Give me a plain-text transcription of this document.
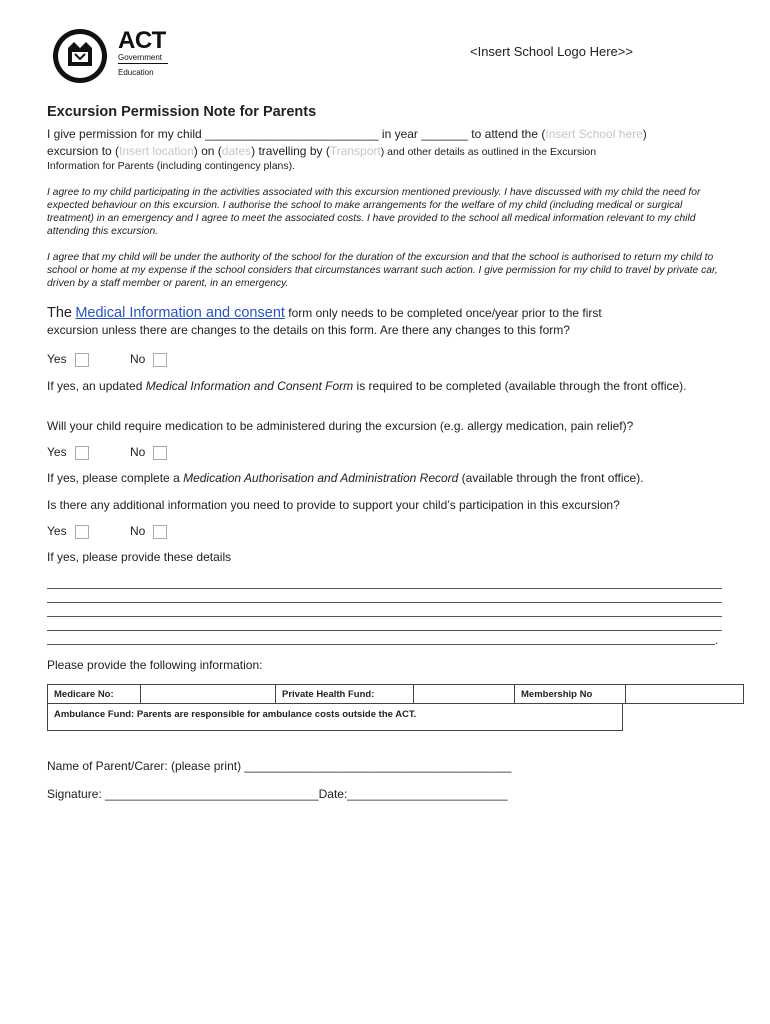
ACT
Government
Education
<Insert School Logo Here>>
Excursion Permission Note for Parents
I give permission for my child __________________________ in year _______ to attend the (Insert School here)
excursion to (Insert location) on (dates) travelling by (Transport) and other details as outlined in the Excursion
Information for Parents (including contingency plans).
I agree to my child participating in the activities associated with this excursion mentioned previously. I have discussed with my child the need for expected behaviour on this excursion. I authorise the school to make arrangements for the welfare of my child (including medical or surgical treatment) in an emergency and I agree to meet the associated costs. I have provided to the school all medical information relevant to my child attending this excursion.
I agree that my child will be under the authority of the school for the duration of the excursion and that the school is authorised to return my child to school or home at my expense if the school considers that circumstances warrant such action. I give permission for my child to travel by private car, driven by a staff member or parent, in an emergency.
The Medical Information and consent form only needs to be completed once/year prior to the first
excursion unless there are changes to the details on this form. Are there any changes to this form?
Yes	No
If yes, an updated Medical Information and Consent Form is required to be completed (available through the front office).
Will your child require medication to be administered during the excursion (e.g. allergy medication, pain relief)?
Yes	No
If yes, please complete a Medication Authorisation and Administration Record (available through the front office).
Is there any additional information you need to provide to support your child’s participation in this excursion?
Yes	No
If yes, please provide these details
.
Please provide the following information:
Medicare No:		Private Health Fund:		Membership No	
Ambulance Fund: Parents are responsible for ambulance costs outside the ACT.
Name of Parent/Carer: (please print) ________________________________________
Signature: ________________________________Date:________________________
